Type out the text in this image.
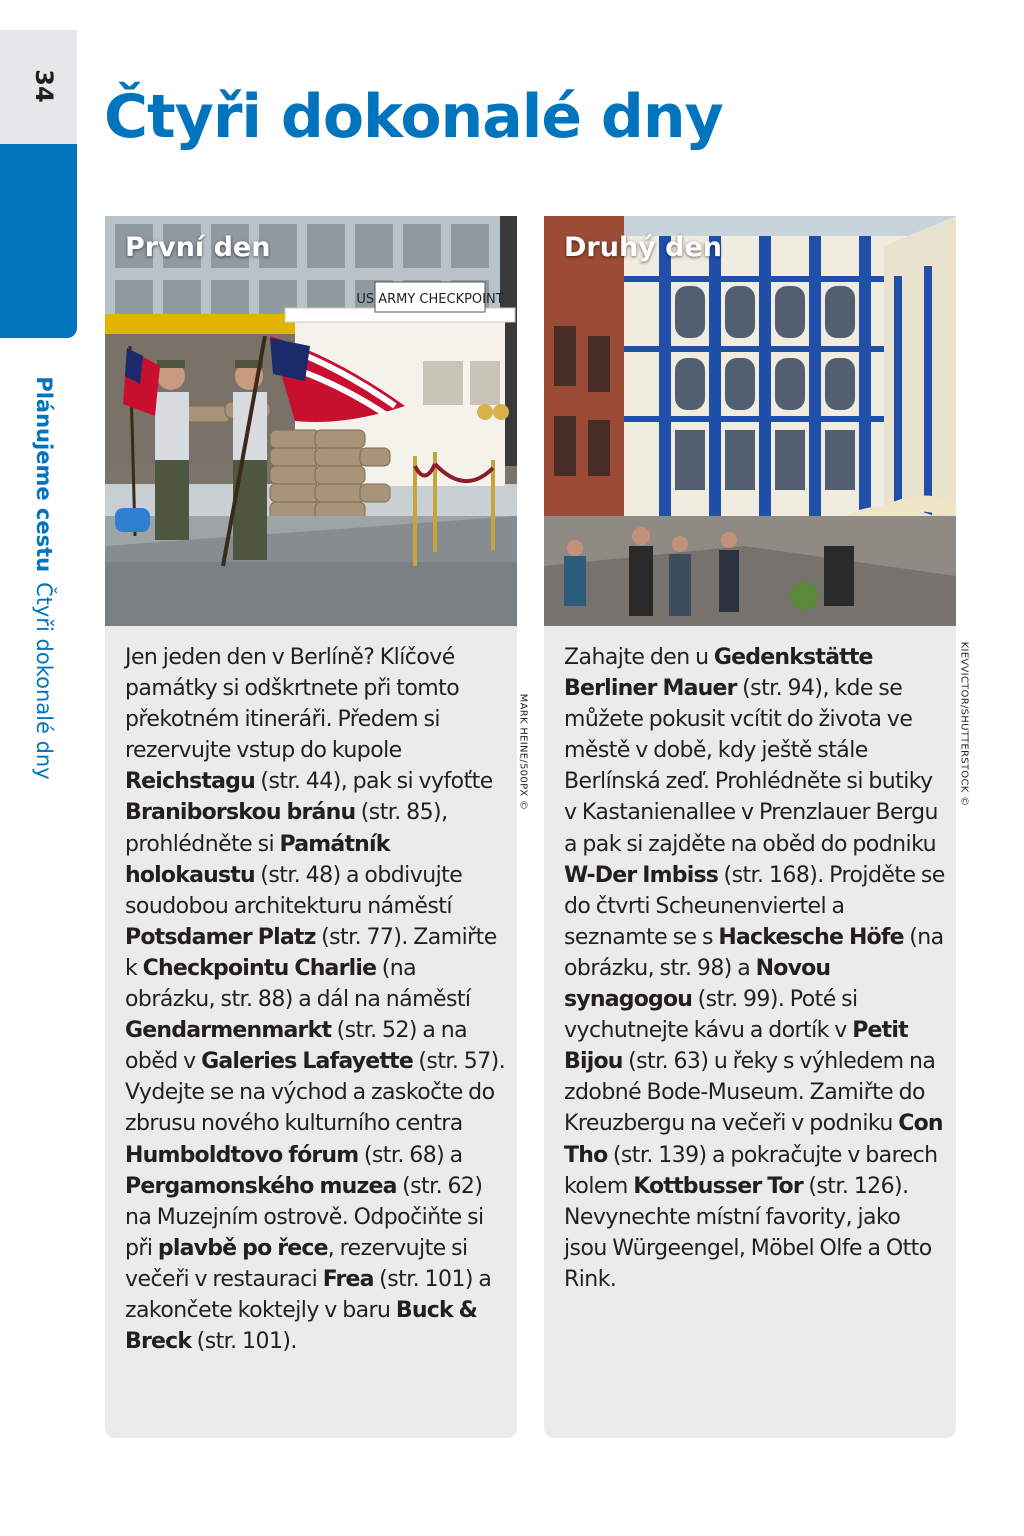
34
Plánujeme cestuČtyři dokonalé dny
Čtyři dokonalé dny
US ARMY CHECKPOINT
První den
MARK HEINE/500PX ©

Jen jeden den v Berlíně? Klíčové památky si odškrtnete při tomto překotném itineráři. Předem si rezervujte vstup do kupole Reichstagu (str. 44), pak si vyfoťte Braniborskou bránu (str. 85), prohlédněte si Památník holokaustu (str. 48) a obdivujte soudobou architekturu náměstí Potsdamer Platz (str. 77). Zamiřte k Checkpointu Charlie (na obrázku, str. 88) a dál na náměstí Gendarmenmarkt (str. 52) a na oběd v Galeries Lafayette (str. 57). Vydejte se na východ a zaskočte do zbrusu nového kulturního centra Humboldtovo fórum (str. 68) a Pergamonského muzea (str. 62) na Muzejním ostrově. Odpočiňte si při plavbě po řece, rezervujte si večeři v restauraci Frea (str. 101) a zakončete koktejly v baru Buck & Breck (str. 101).

Druhý den
KIEVVICTOR/SHUTTERSTOCK ©

Zahajte den u Gedenkstätte Berliner Mauer (str. 94), kde se můžete pokusit vcítit do života ve městě v době, kdy ještě stále Berlínská zeď. Prohlédněte si butiky v Kastanienallee v Prenzlauer Bergu a pak si zajděte na oběd do podniku W-Der Imbiss (str. 168). Projděte se do čtvrti Scheunenviertel a seznamte se s Hackesche Höfe (na obrázku, str. 98) a Novou synagogou (str. 99). Poté si vychutnejte kávu a dortík v Petit Bijou (str. 63) u řeky s výhledem na zdobné Bode-Museum. Zamiřte do Kreuzbergu na večeři v podniku Con Tho (str. 139) a pokračujte v barech kolem Kottbusser Tor (str. 126). Nevynechte místní favority, jako jsou Würgeengel, Möbel Olfe a Otto Rink.
